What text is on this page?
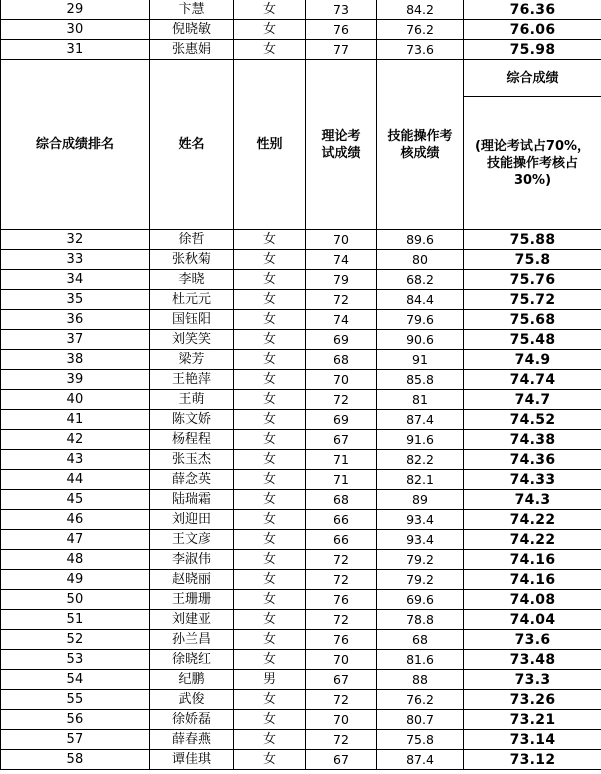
29	卞慧	女	73	84.2	76.36
30	倪晓敏	女	76	76.2	76.06
31	张惠娟	女	77	73.6	75.98
综合成绩排名	姓名	性别	理论考试成绩	技能操作考核成绩	综合成绩
					(理论考试占70%，技能操作考核占30%)
32	徐哲	女	70	89.6	75.88
33	张秋菊	女	74	80	75.8
34	李晓	女	79	68.2	75.76
35	杜元元	女	72	84.4	75.72
36	国钰阳	女	74	79.6	75.68
37	刘笑笑	女	69	90.6	75.48
38	梁芳	女	68	91	74.9
39	王艳萍	女	70	85.8	74.74
40	王萌	女	72	81	74.7
41	陈文娇	女	69	87.4	74.52
42	杨程程	女	67	91.6	74.38
43	张玉杰	女	71	82.2	74.36
44	薛念英	女	71	82.1	74.33
45	陆瑞霜	女	68	89	74.3
46	刘迎田	女	66	93.4	74.22
47	王文彦	女	66	93.4	74.22
48	李淑伟	女	72	79.2	74.16
49	赵晓丽	女	72	79.2	74.16
50	王珊珊	女	76	69.6	74.08
51	刘建亚	女	72	78.8	74.04
52	孙兰昌	女	76	68	73.6
53	徐晓红	女	70	81.6	73.48
54	纪鹏	男	67	88	73.3
55	武俊	女	72	76.2	73.26
56	徐娇磊	女	70	80.7	73.21
57	薛春燕	女	72	75.8	73.14
58	谭佳琪	女	67	87.4	73.12
